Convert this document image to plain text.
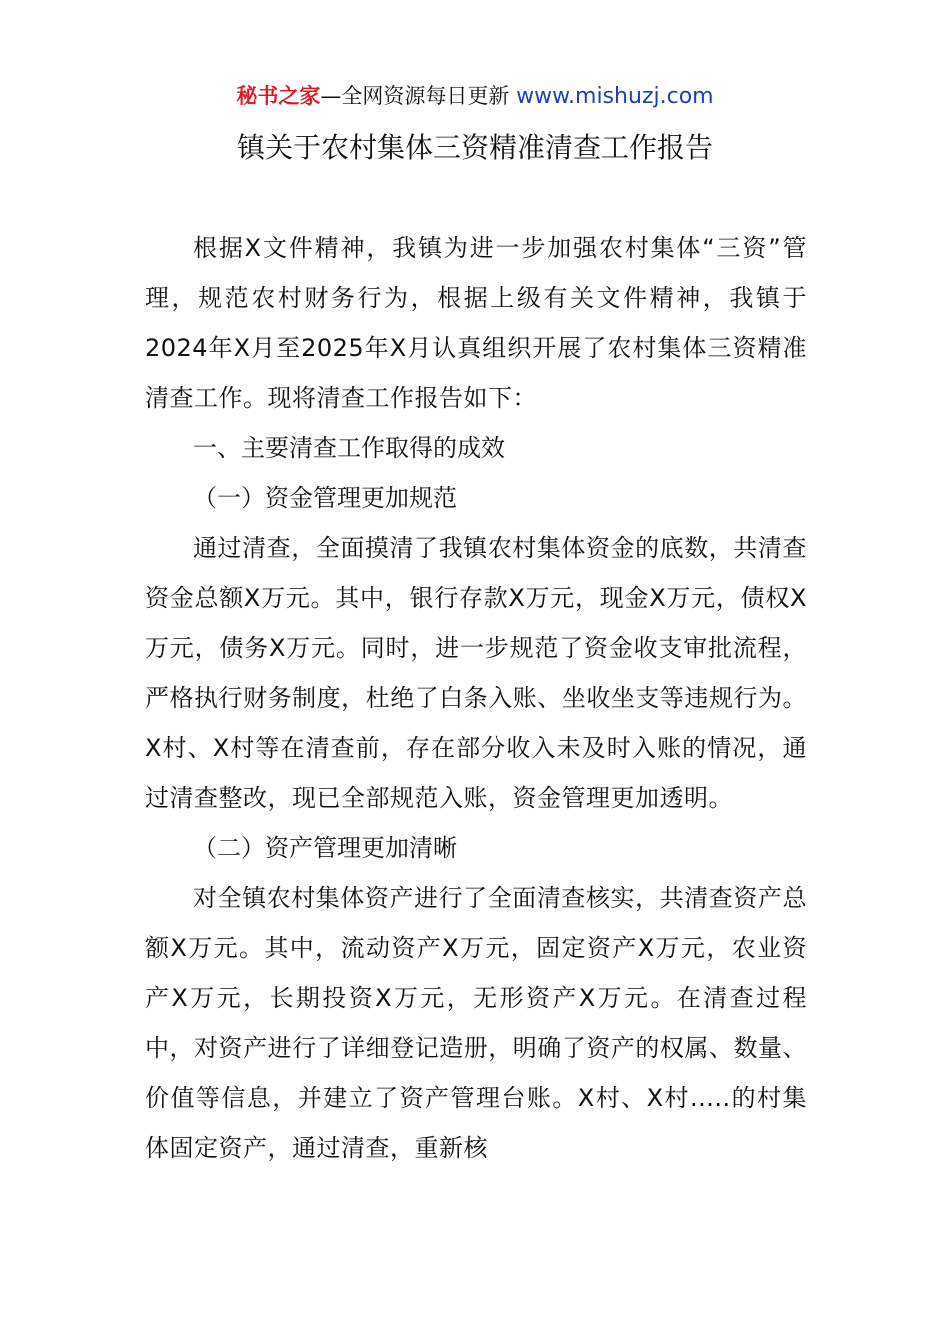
秘书之家—全网资源每日更新 www.mishuzj.com
镇关于农村集体三资精准清查工作报告

根据X文件精神，我镇为进一步加强农村集体“三资”管理，规范农村财务行为，根据上级有关文件精神，我镇于2024年X月至2025年X月认真组织开展了农村集体三资精准清查工作。现将清查工作报告如下：

一、主要清查工作取得的成效

（一）资金管理更加规范

通过清查，全面摸清了我镇农村集体资金的底数，共清查资金总额X万元。其中，银行存款X万元，现金X万元，债权X万元，债务X万元。同时，进一步规范了资金收支审批流程，严格执行财务制度，杜绝了白条入账、坐收坐支等违规行为。X村、X村等在清查前，存在部分收入未及时入账的情况，通过清查整改，现已全部规范入账，资金管理更加透明。

（二）资产管理更加清晰

对全镇农村集体资产进行了全面清查核实，共清查资产总额X万元。其中，流动资产X万元，固定资产X万元，农业资产X万元，长期投资X万元，无形资产X万元。在清查过程中，对资产进行了详细登记造册，明确了资产的权属、数量、价值等信息，并建立了资产管理台账。X村、X村.....的村集体固定资产，通过清查，重新核
